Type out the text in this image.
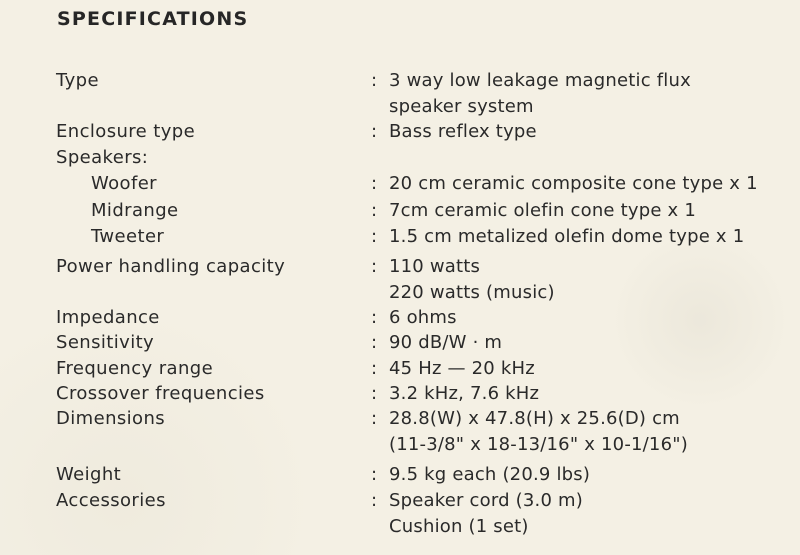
SPECIFICATIONS
Type	: 3 way low leakage magnetic flux
speaker system
Enclosure type	: Bass reflex type
Speakers:
Woofer	: 20 cm ceramic composite cone type x 1
Midrange	: 7cm ceramic olefin cone type x 1
Tweeter	: 1.5 cm metalized olefin dome type x 1
Power handling capacity	: 110 watts
220 watts (music)
Impedance	: 6 ohms
Sensitivity	: 90 dB/W · m
Frequency range	: 45 Hz — 20 kHz
Crossover frequencies	: 3.2 kHz, 7.6 kHz
Dimensions	: 28.8(W) x 47.8(H) x 25.6(D) cm
(11-3/8" x 18-13/16" x 10-1/16")
Weight	: 9.5 kg each (20.9 lbs)
Accessories	: Speaker cord (3.0 m)
Cushion (1 set)
